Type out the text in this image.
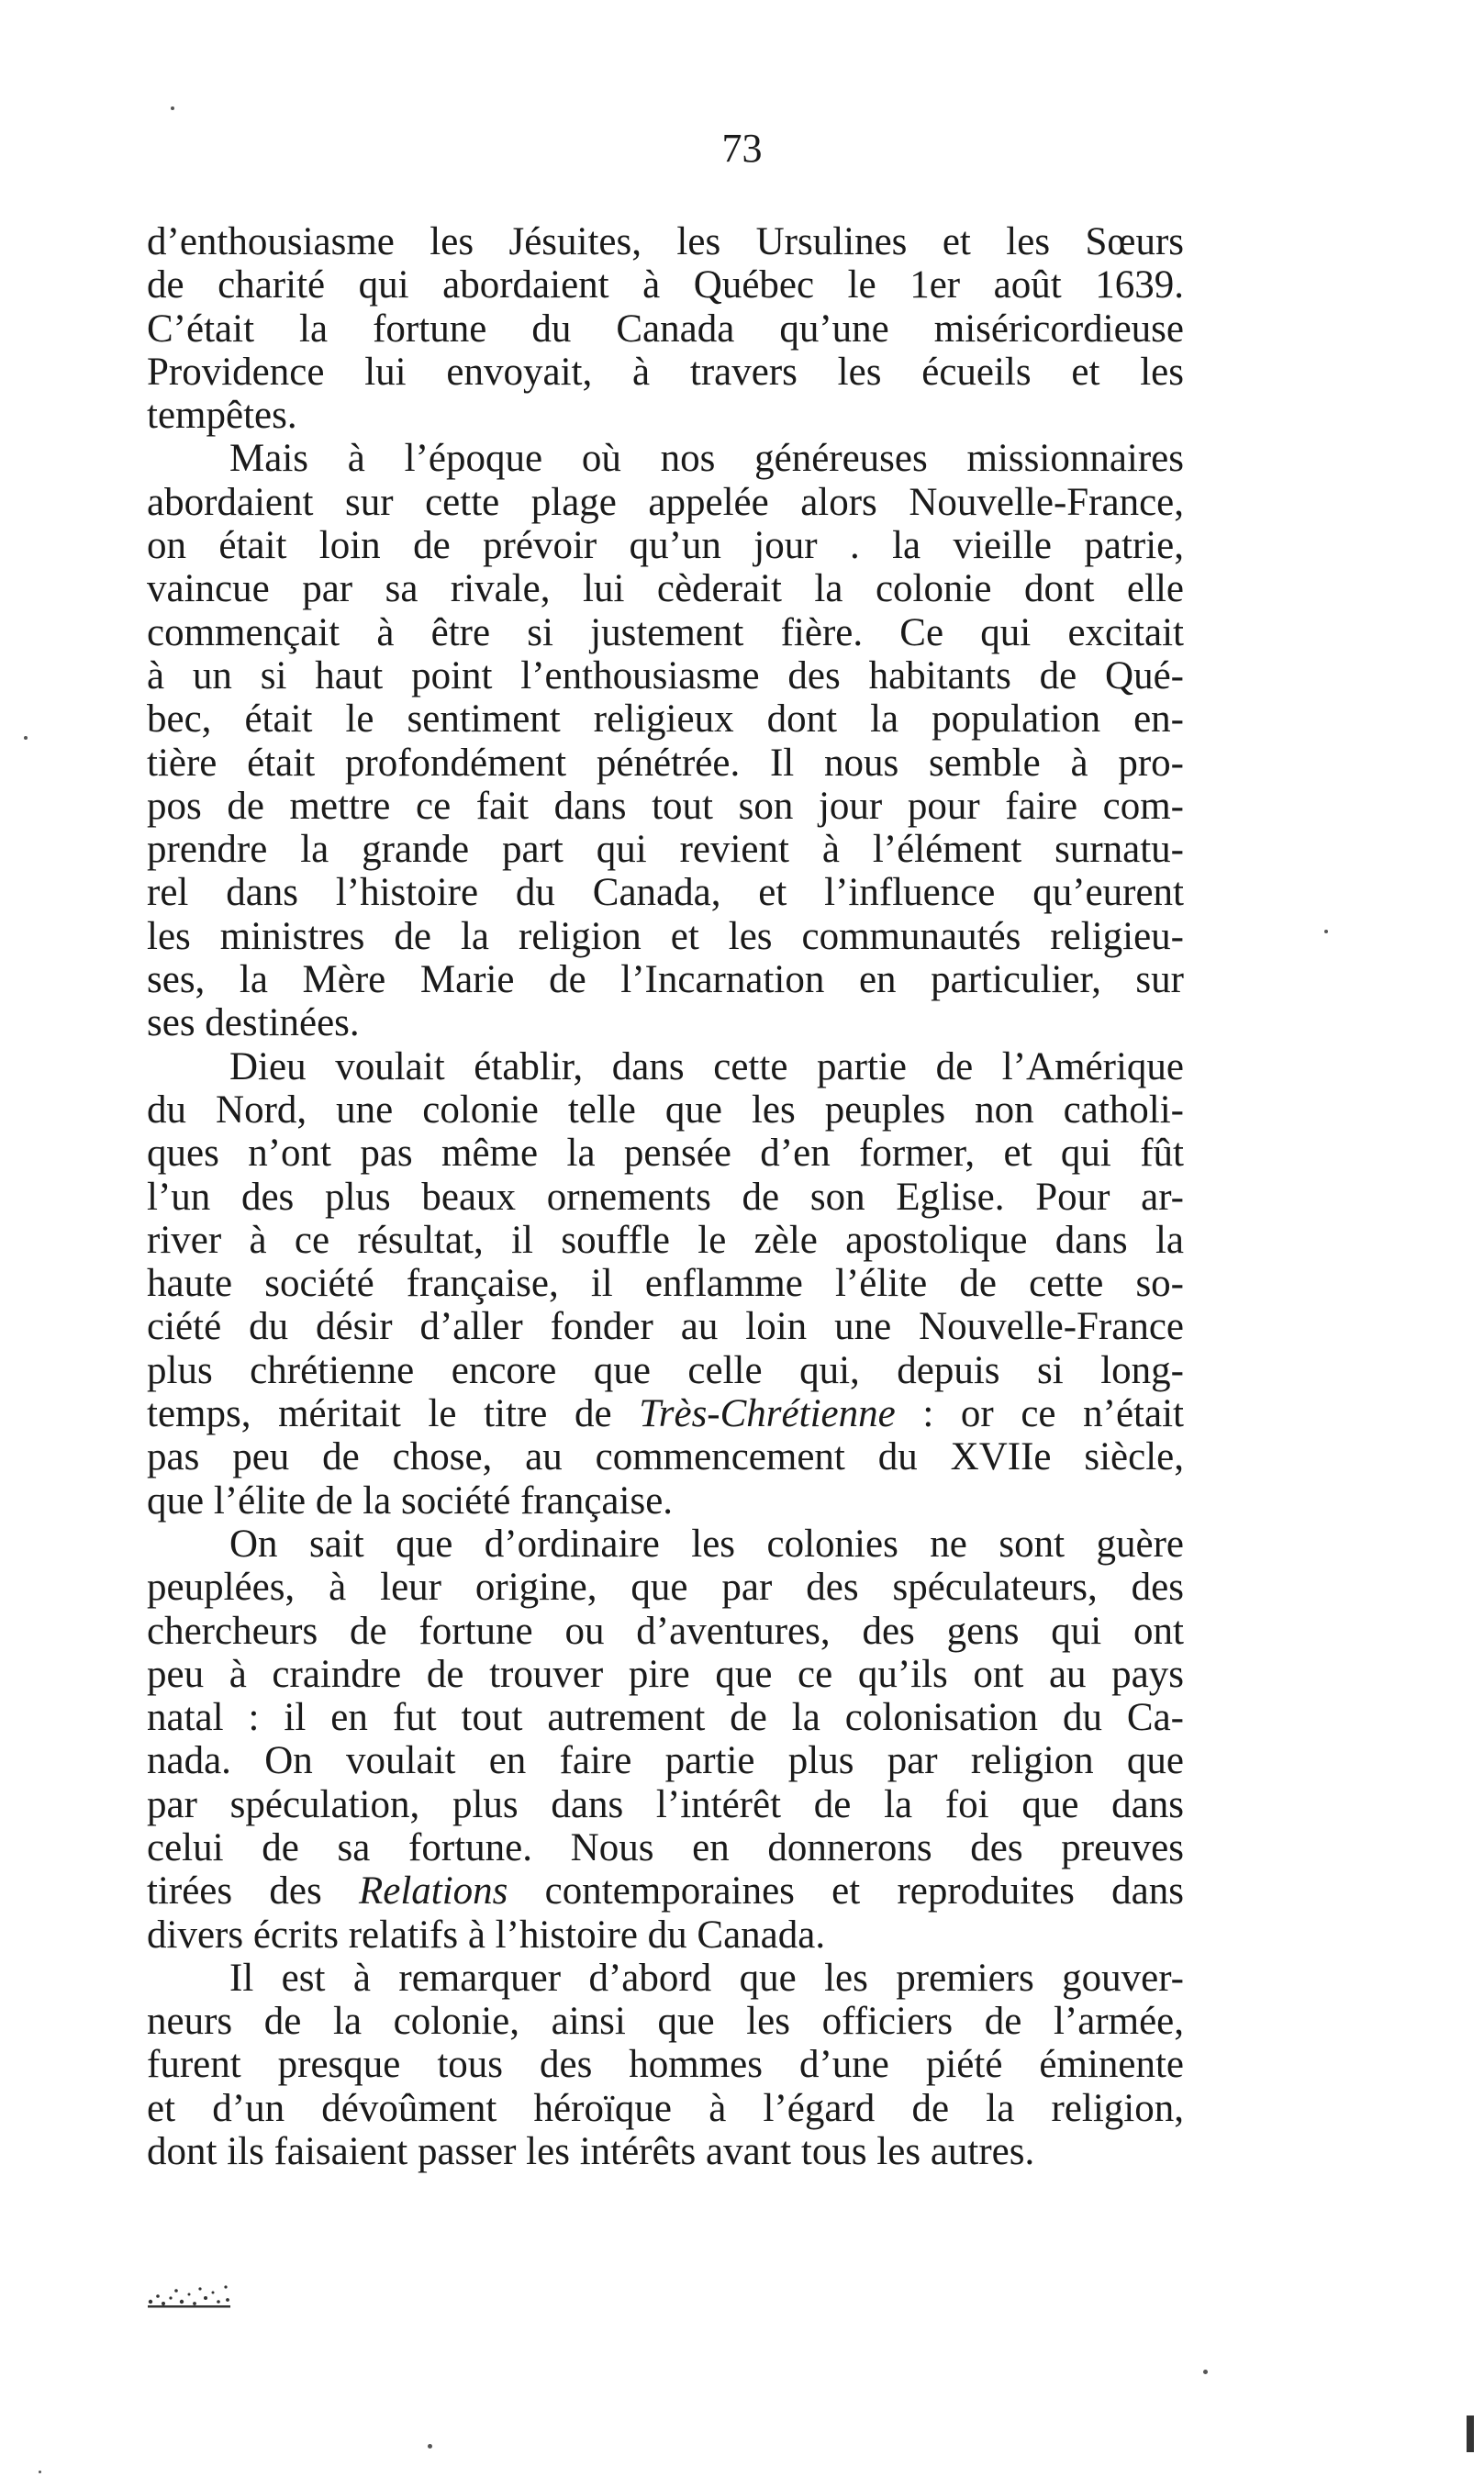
73
d’enthousiasme les Jésuites, les Ursulines et les Sœurs
de charité qui abordaient à Québec le 1er août 1639.
C’était la fortune du Canada qu’une miséricordieuse
Providence lui envoyait, à travers les écueils et les
tempêtes.
Mais à l’époque où nos généreuses missionnaires
abordaient sur cette plage appelée alors Nouvelle-France,
on était loin de prévoir qu’un jour . la vieille patrie,
vaincue par sa rivale, lui cèderait la colonie dont elle
commençait à être si justement fière. Ce qui excitait
à un si haut point l’enthousiasme des habitants de Qué-
bec, était le sentiment religieux dont la population en-
tière était profondément pénétrée. Il nous semble à pro-
pos de mettre ce fait dans tout son jour pour faire com-
prendre la grande part qui revient à l’élément surnatu-
rel dans l’histoire du Canada, et l’influence qu’eurent
les ministres de la religion et les communautés religieu-
ses, la Mère Marie de l’Incarnation en particulier, sur
ses destinées.
Dieu voulait établir, dans cette partie de l’Amérique
du Nord, une colonie telle que les peuples non catholi-
ques n’ont pas même la pensée d’en former, et qui fût
l’un des plus beaux ornements de son Eglise. Pour ar-
river à ce résultat, il souffle le zèle apostolique dans la
haute société française, il enflamme l’élite de cette so-
ciété du désir d’aller fonder au loin une Nouvelle-France
plus chrétienne encore que celle qui, depuis si long-
temps, méritait le titre de Très-Chrétienne : or ce n’était
pas peu de chose, au commencement du XVIIe siècle,
que l’élite de la société française.
On sait que d’ordinaire les colonies ne sont guère
peuplées, à leur origine, que par des spéculateurs, des
chercheurs de fortune ou d’aventures, des gens qui ont
peu à craindre de trouver pire que ce qu’ils ont au pays
natal : il en fut tout autrement de la colonisation du Ca-
nada. On voulait en faire partie plus par religion que
par spéculation, plus dans l’intérêt de la foi que dans
celui de sa fortune. Nous en donnerons des preuves
tirées des Relations contemporaines et reproduites dans
divers écrits relatifs à l’histoire du Canada.
Il est à remarquer d’abord que les premiers gouver-
neurs de la colonie, ainsi que les officiers de l’armée,
furent presque tous des hommes d’une piété éminente
et d’un dévoûment héroïque à l’égard de la religion,
dont ils faisaient passer les intérêts avant tous les autres.
